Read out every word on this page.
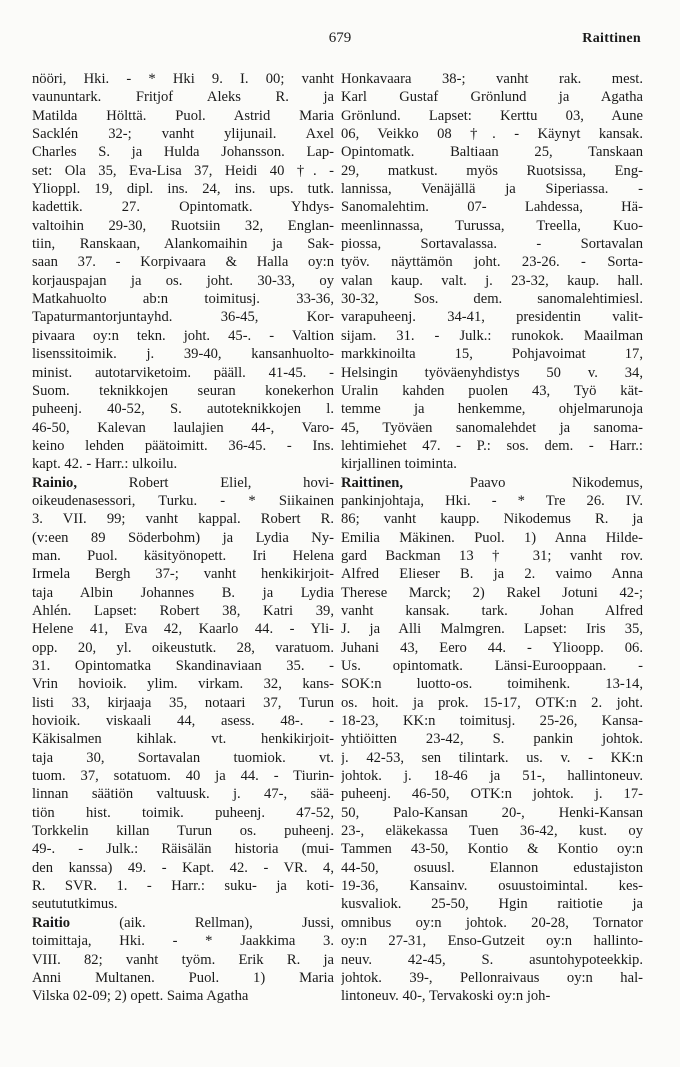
679	Raittinen
nööri, Hki. - * Hki 9. I. 00; vanht
vaununtark. Fritjof Aleks R. ja
Matilda Hölttä. Puol. Astrid Maria
Sacklén 32-; vanht ylijunail. Axel
Charles S. ja Hulda Johansson. Lap-
set: Ola 35, Eva-Lisa 37, Heidi 40 †. -
Ylioppl. 19, dipl. ins. 24, ins. ups. tutk.
kadettik. 27. Opintomatk. Yhdys-
valtoihin 29-30, Ruotsiin 32, Englan-
tiin, Ranskaan, Alankomaihin ja Sak-
saan 37. - Korpivaara & Halla oy:n
korjauspajan ja os. joht. 30-33, oy
Matkahuolto ab:n toimitusj. 33-36,
Tapaturmantorjuntayhd. 36-45, Kor-
pivaara oy:n tekn. joht. 45-. - Valtion
lisenssitoimik. j. 39-40, kansanhuolto-
minist. autotarviketoim. pääll. 41-45. -
Suom. teknikkojen seuran konekerhon
puheenj. 40-52, S. autoteknikkojen l.
46-50, Kalevan laulajien 44-, Varo-
keino lehden päätoimitt. 36-45. - Ins.
kapt. 42. - Harr.: ulkoilu.
Rainio, Robert Eliel, hovi-
oikeudenasessori, Turku. - * Siikainen
3. VII. 99; vanht kappal. Robert R.
(v:een 89 Söderbohm) ja Lydia Ny-
man. Puol. käsityönopett. Iri Helena
Irmela Bergh 37-; vanht henkikirjoit-
taja Albin Johannes B. ja Lydia
Ahlén. Lapset: Robert 38, Katri 39,
Helene 41, Eva 42, Kaarlo 44. - Yli-
opp. 20, yl. oikeustutk. 28, varatuom.
31. Opintomatka Skandinaviaan 35. -
Vrin hovioik. ylim. virkam. 32, kans-
listi 33, kirjaaja 35, notaari 37, Turun
hovioik. viskaali 44, asess. 48-. -
Käkisalmen kihlak. vt. henkikirjoit-
taja 30, Sortavalan tuomiok. vt.
tuom. 37, sotatuom. 40 ja 44. - Tiurin-
linnan säätiön valtuusk. j. 47-, sää-
tiön hist. toimik. puheenj. 47-52,
Torkkelin killan Turun os. puheenj.
49-. - Julk.: Räisälän historia (mui-
den kanssa) 49. - Kapt. 42. - VR. 4,
R. SVR. 1. - Harr.: suku- ja koti-
seutututkimus.
Raitio (aik. Rellman), Jussi,
toimittaja, Hki. - * Jaakkima 3.
VIII. 82; vanht työm. Erik R. ja
Anni Multanen. Puol. 1) Maria
Vilska 02-09; 2) opett. Saima Agatha
Honkavaara 38-; vanht rak. mest.
Karl Gustaf Grönlund ja Agatha
Grönlund. Lapset: Kerttu 03, Aune
06, Veikko 08 †. - Käynyt kansak.
Opintomatk. Baltiaan 25, Tanskaan
29, matkust. myös Ruotsissa, Eng-
lannissa, Venäjällä ja Siperiassa. -
Sanomalehtim. 07- Lahdessa, Hä-
meenlinnassa, Turussa, Treella, Kuo-
piossa, Sortavalassa. - Sortavalan
työv. näyttämön joht. 23-26. - Sorta-
valan kaup. valt. j. 23-32, kaup. hall.
30-32, Sos. dem. sanomalehtimiesl.
varapuheenj. 34-41, presidentin valit-
sijam. 31. - Julk.: runokok. Maailman
markkinoilta 15, Pohjavoimat 17,
Helsingin työväenyhdistys 50 v. 34,
Uralin kahden puolen 43, Työ kät-
temme ja henkemme, ohjelmarunoja
45, Työväen sanomalehdet ja sanoma-
lehtimiehet 47. - P.: sos. dem. - Harr.:
kirjallinen toiminta.
Raittinen, Paavo Nikodemus,
pankinjohtaja, Hki. - * Tre 26. IV.
86; vanht kaupp. Nikodemus R. ja
Emilia Mäkinen. Puol. 1) Anna Hilde-
gard Backman 13 † 31; vanht rov.
Alfred Elieser B. ja 2. vaimo Anna
Therese Marck; 2) Rakel Jotuni 42-;
vanht kansak. tark. Johan Alfred
J. ja Alli Malmgren. Lapset: Iris 35,
Juhani 43, Eero 44. - Ylioopp. 06.
Us. opintomatk. Länsi-Eurooppaan. -
SOK:n luotto-os. toimihenk. 13-14,
os. hoit. ja prok. 15-17, OTK:n 2. joht.
18-23, KK:n toimitusj. 25-26, Kansa-
yhtiöitten 23-42, S. pankin johtok.
j. 42-53, sen tilintark. us. v. - KK:n
johtok. j. 18-46 ja 51-, hallintoneuv.
puheenj. 46-50, OTK:n johtok. j. 17-
50, Palo-Kansan 20-, Henki-Kansan
23-, eläkekassa Tuen 36-42, kust. oy
Tammen 43-50, Kontio & Kontio oy:n
44-50, osuusl. Elannon edustajiston
19-36, Kansainv. osuustoimintal. kes-
kusvaliok. 25-50, Hgin raitiotie ja
omnibus oy:n johtok. 20-28, Tornator
oy:n 27-31, Enso-Gutzeit oy:n hallinto-
neuv. 42-45, S. asuntohypoteekkip.
johtok. 39-, Pellonraivaus oy:n hal-
lintoneuv. 40-, Tervakoski oy:n joh-
